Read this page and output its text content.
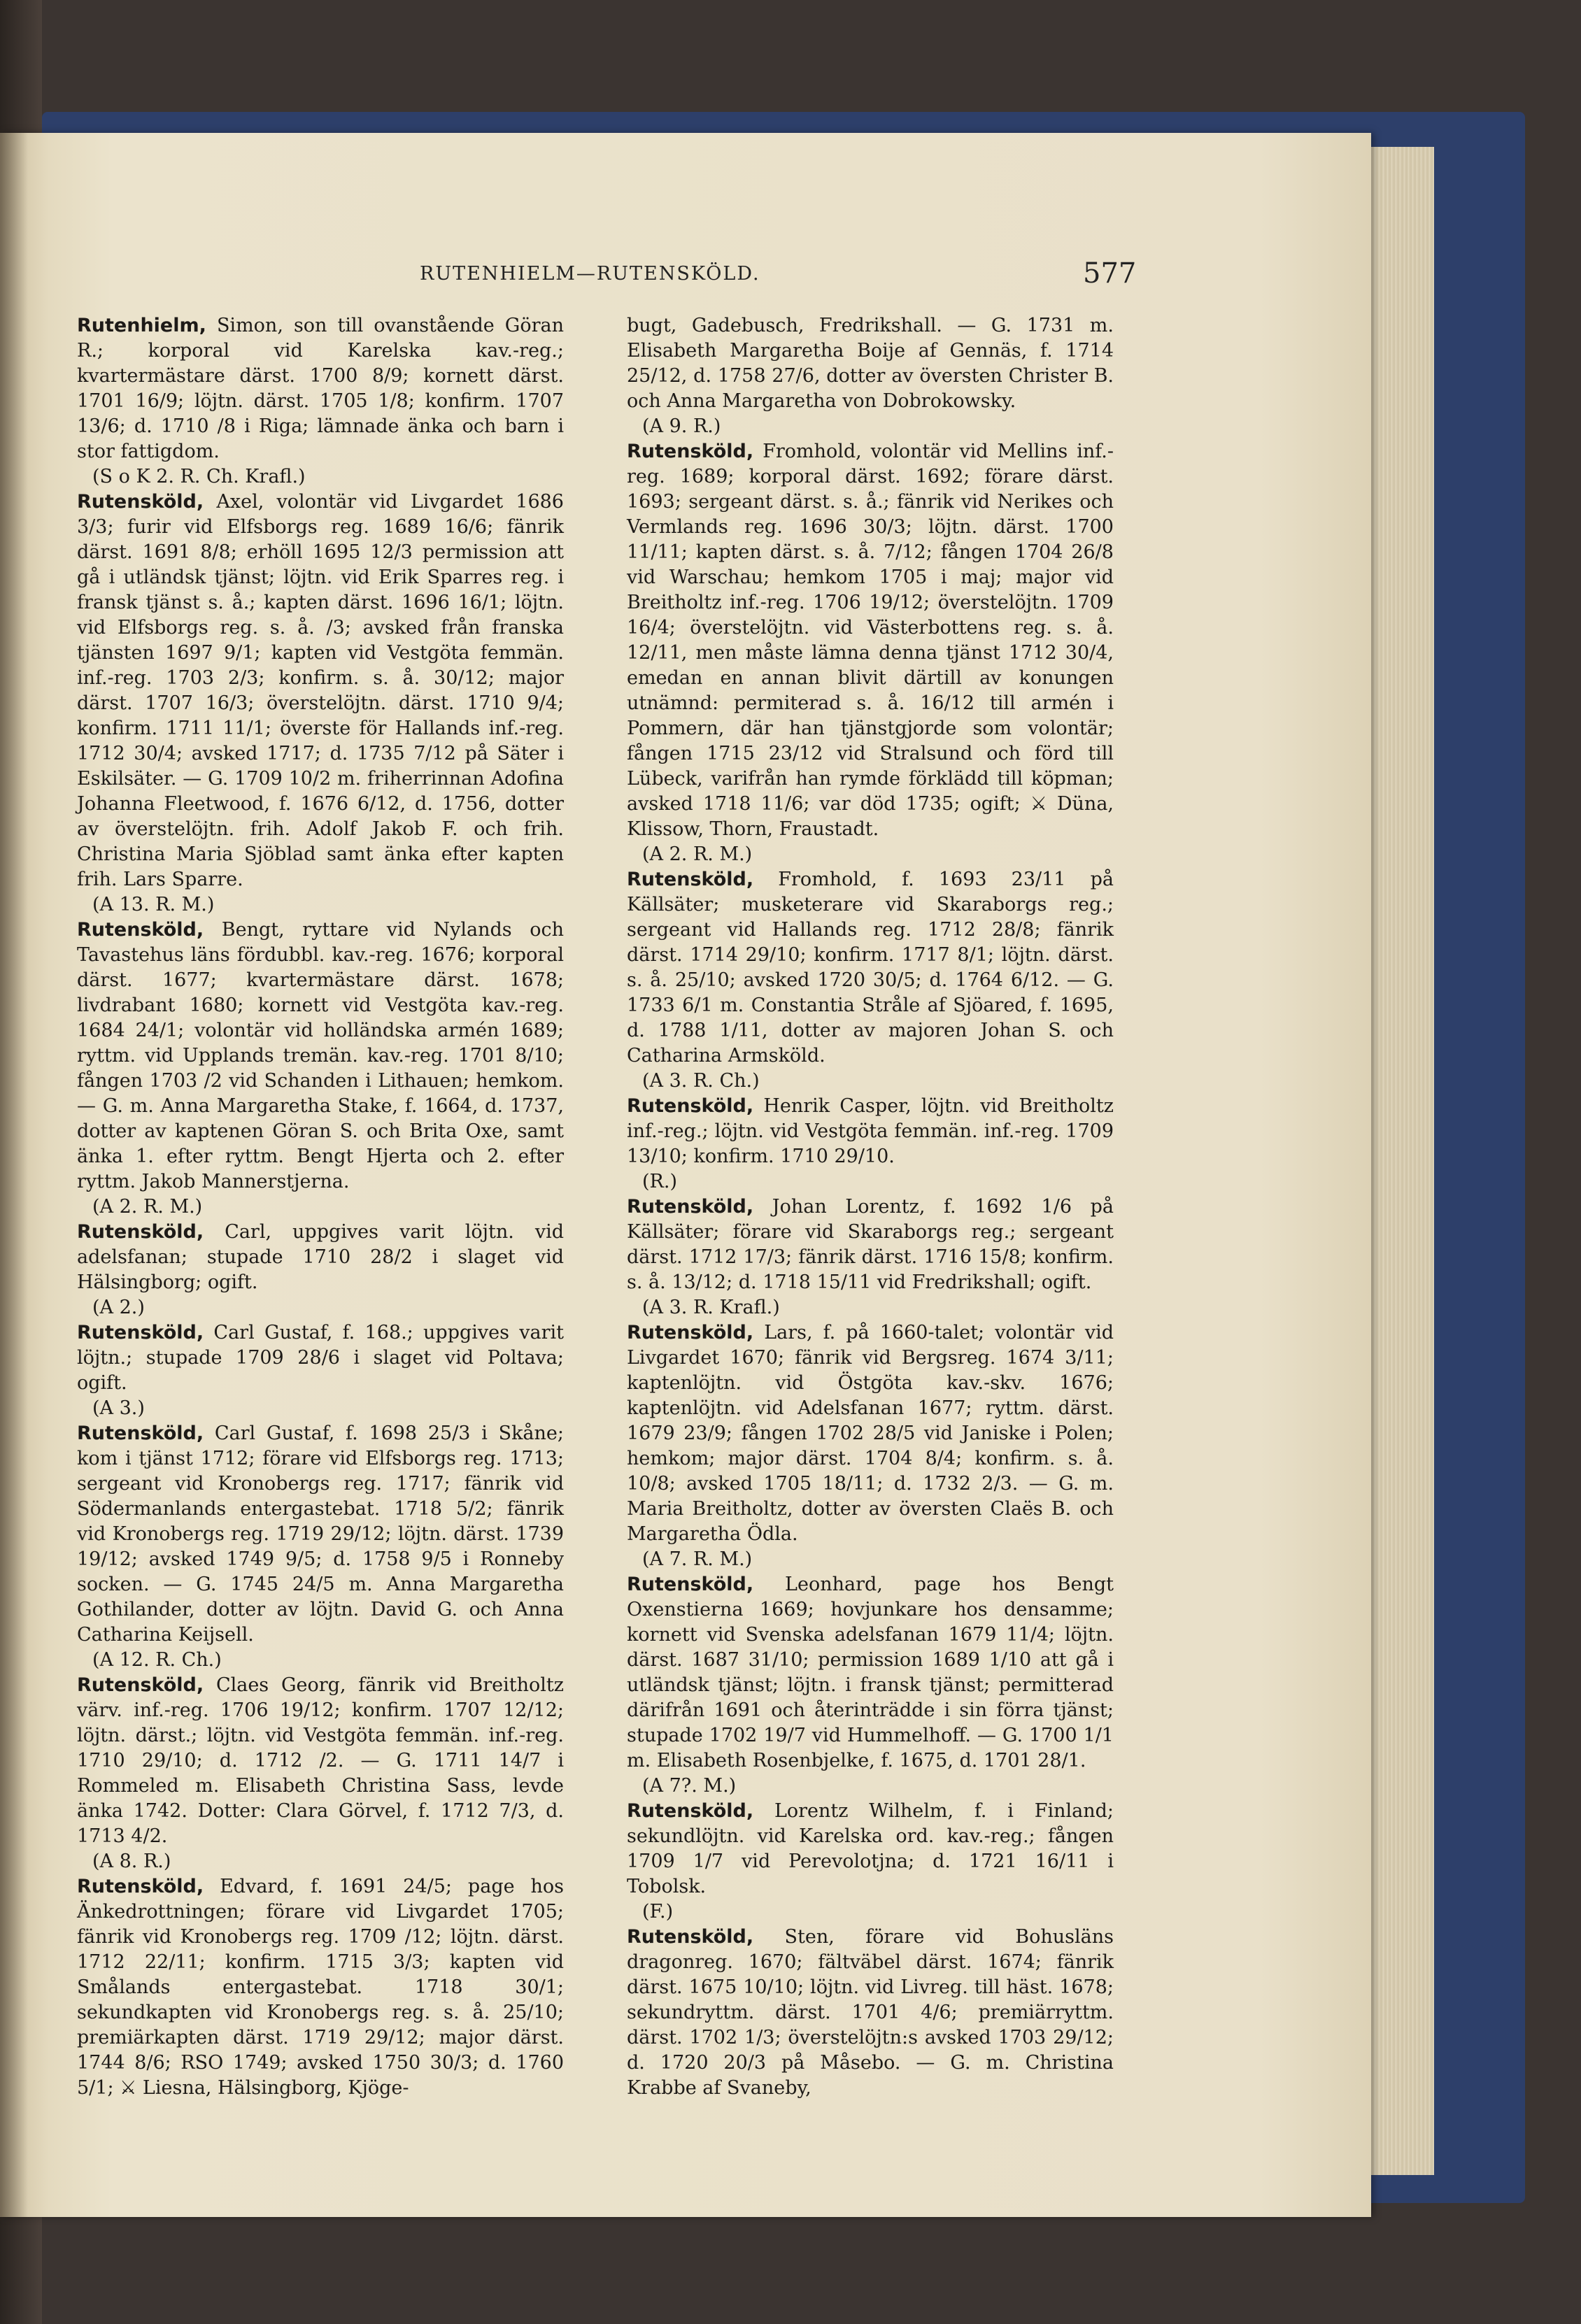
RUTENHIELM—RUTENSKÖLD.	577

Rutenhielm, Simon, son till ovanstående Göran R.; korporal vid Karelska kav.-reg.; kvartermästare därst. 1700 8/9; kornett därst. 1701 16/9; löjtn. därst. 1705 1/8; konfirm. 1707 13/6; d. 1710 /8 i Riga; lämnade änka och barn i stor fattigdom.

(S o K 2. R. Ch. Krafl.)

Rutensköld, Axel, volontär vid Livgardet 1686 3/3; furir vid Elfsborgs reg. 1689 16/6; fänrik därst. 1691 8/8; erhöll 1695 12/3 permission att gå i utländsk tjänst; löjtn. vid Erik Sparres reg. i fransk tjänst s. å.; kapten därst. 1696 16/1; löjtn. vid Elfsborgs reg. s. å. /3; avsked från franska tjänsten 1697 9/1; kapten vid Vestgöta femmän. inf.-reg. 1703 2/3; konfirm. s. å. 30/12; major därst. 1707 16/3; överstelöjtn. därst. 1710 9/4; konfirm. 1711 11/1; överste för Hallands inf.-reg. 1712 30/4; avsked 1717; d. 1735 7/12 på Säter i Eskilsäter. — G. 1709 10/2 m. friherrinnan Adofina Johanna Fleetwood, f. 1676 6/12, d. 1756, dotter av överstelöjtn. frih. Adolf Jakob F. och frih. Christina Maria Sjöblad samt änka efter kapten frih. Lars Sparre.

(A 13. R. M.)

Rutensköld, Bengt, ryttare vid Nylands och Tavastehus läns fördubbl. kav.-reg. 1676; korporal därst. 1677; kvartermästare därst. 1678; livdrabant 1680; kornett vid Vestgöta kav.-reg. 1684 24/1; volontär vid holländska armén 1689; ryttm. vid Upplands tremän. kav.-reg. 1701 8/10; fången 1703 /2 vid Schanden i Lithauen; hemkom. — G. m. Anna Margaretha Stake, f. 1664, d. 1737, dotter av kaptenen Göran S. och Brita Oxe, samt änka 1. efter ryttm. Bengt Hjerta och 2. efter ryttm. Jakob Mannerstjerna.

(A 2. R. M.)

Rutensköld, Carl, uppgives varit löjtn. vid adelsfanan; stupade 1710 28/2 i slaget vid Hälsingborg; ogift.

(A 2.)

Rutensköld, Carl Gustaf, f. 168.; uppgives varit löjtn.; stupade 1709 28/6 i slaget vid Poltava; ogift.

(A 3.)

Rutensköld, Carl Gustaf, f. 1698 25/3 i Skåne; kom i tjänst 1712; förare vid Elfsborgs reg. 1713; sergeant vid Kronobergs reg. 1717; fänrik vid Södermanlands entergastebat. 1718 5/2; fänrik vid Kronobergs reg. 1719 29/12; löjtn. därst. 1739 19/12; avsked 1749 9/5; d. 1758 9/5 i Ronneby socken. — G. 1745 24/5 m. Anna Margaretha Gothilander, dotter av löjtn. David G. och Anna Catharina Keijsell.

(A 12. R. Ch.)

Rutensköld, Claes Georg, fänrik vid Breitholtz värv. inf.-reg. 1706 19/12; konfirm. 1707 12/12; löjtn. därst.; löjtn. vid Vestgöta femmän. inf.-reg. 1710 29/10; d. 1712 /2. — G. 1711 14/7 i Rommeled m. Elisabeth Christina Sass, levde änka 1742. Dotter: Clara Görvel, f. 1712 7/3, d. 1713 4/2.

(A 8. R.)

Rutensköld, Edvard, f. 1691 24/5; page hos Änkedrottningen; förare vid Livgardet 1705; fänrik vid Kronobergs reg. 1709 /12; löjtn. därst. 1712 22/11; konfirm. 1715 3/3; kapten vid Smålands entergastebat. 1718 30/1; sekundkapten vid Kronobergs reg. s. å. 25/10; premiärkapten därst. 1719 29/12; major därst. 1744 8/6; RSO 1749; avsked 1750 30/3; d. 1760 5/1; ⚔ Liesna, Hälsingborg, Kjöge-

bugt, Gadebusch, Fredrikshall. — G. 1731 m. Elisabeth Margaretha Boije af Gennäs, f. 1714 25/12, d. 1758 27/6, dotter av översten Christer B. och Anna Margaretha von Dobrokowsky.

(A 9. R.)

Rutensköld, Fromhold, volontär vid Mellins inf.-reg. 1689; korporal därst. 1692; förare därst. 1693; sergeant därst. s. å.; fänrik vid Nerikes och Vermlands reg. 1696 30/3; löjtn. därst. 1700 11/11; kapten därst. s. å. 7/12; fången 1704 26/8 vid Warschau; hemkom 1705 i maj; major vid Breitholtz inf.-reg. 1706 19/12; överstelöjtn. 1709 16/4; överstelöjtn. vid Västerbottens reg. s. å. 12/11, men måste lämna denna tjänst 1712 30/4, emedan en annan blivit därtill av konungen utnämnd: permiterad s. å. 16/12 till armén i Pommern, där han tjänstgjorde som volontär; fången 1715 23/12 vid Stralsund och förd till Lübeck, varifrån han rymde förklädd till köpman; avsked 1718 11/6; var död 1735; ogift; ⚔ Düna, Klissow, Thorn, Fraustadt.

(A 2. R. M.)

Rutensköld, Fromhold, f. 1693 23/11 på Källsäter; musketerare vid Skaraborgs reg.; sergeant vid Hallands reg. 1712 28/8; fänrik därst. 1714 29/10; konfirm. 1717 8/1; löjtn. därst. s. å. 25/10; avsked 1720 30/5; d. 1764 6/12. — G. 1733 6/1 m. Constantia Stråle af Sjöared, f. 1695, d. 1788 1/11, dotter av majoren Johan S. och Catharina Armsköld.

(A 3. R. Ch.)

Rutensköld, Henrik Casper, löjtn. vid Breitholtz inf.-reg.; löjtn. vid Vestgöta femmän. inf.-reg. 1709 13/10; konfirm. 1710 29/10.

(R.)

Rutensköld, Johan Lorentz, f. 1692 1/6 på Källsäter; förare vid Skaraborgs reg.; sergeant därst. 1712 17/3; fänrik därst. 1716 15/8; konfirm. s. å. 13/12; d. 1718 15/11 vid Fredrikshall; ogift.

(A 3. R. Krafl.)

Rutensköld, Lars, f. på 1660-talet; volontär vid Livgardet 1670; fänrik vid Bergsreg. 1674 3/11; kaptenlöjtn. vid Östgöta kav.-skv. 1676; kaptenlöjtn. vid Adelsfanan 1677; ryttm. därst. 1679 23/9; fången 1702 28/5 vid Janiske i Polen; hemkom; major därst. 1704 8/4; konfirm. s. å. 10/8; avsked 1705 18/11; d. 1732 2/3. — G. m. Maria Breitholtz, dotter av översten Claës B. och Margaretha Ödla.

(A 7. R. M.)

Rutensköld, Leonhard, page hos Bengt Oxenstierna 1669; hovjunkare hos densamme; kornett vid Svenska adelsfanan 1679 11/4; löjtn. därst. 1687 31/10; permission 1689 1/10 att gå i utländsk tjänst; löjtn. i fransk tjänst; permitterad därifrån 1691 och återinträdde i sin förra tjänst; stupade 1702 19/7 vid Hummelhoff. — G. 1700 1/1 m. Elisabeth Rosenbjelke, f. 1675, d. 1701 28/1.

(A 7?. M.)

Rutensköld, Lorentz Wilhelm, f. i Finland; sekundlöjtn. vid Karelska ord. kav.-reg.; fången 1709 1/7 vid Perevolotjna; d. 1721 16/11 i Tobolsk.

(F.)

Rutensköld, Sten, förare vid Bohusläns dragonreg. 1670; fältväbel därst. 1674; fänrik därst. 1675 10/10; löjtn. vid Livreg. till häst. 1678; sekundryttm. därst. 1701 4/6; premiärryttm. därst. 1702 1/3; överstelöjtn:s avsked 1703 29/12; d. 1720 20/3 på Måsebo. — G. m. Christina Krabbe af Svaneby,
